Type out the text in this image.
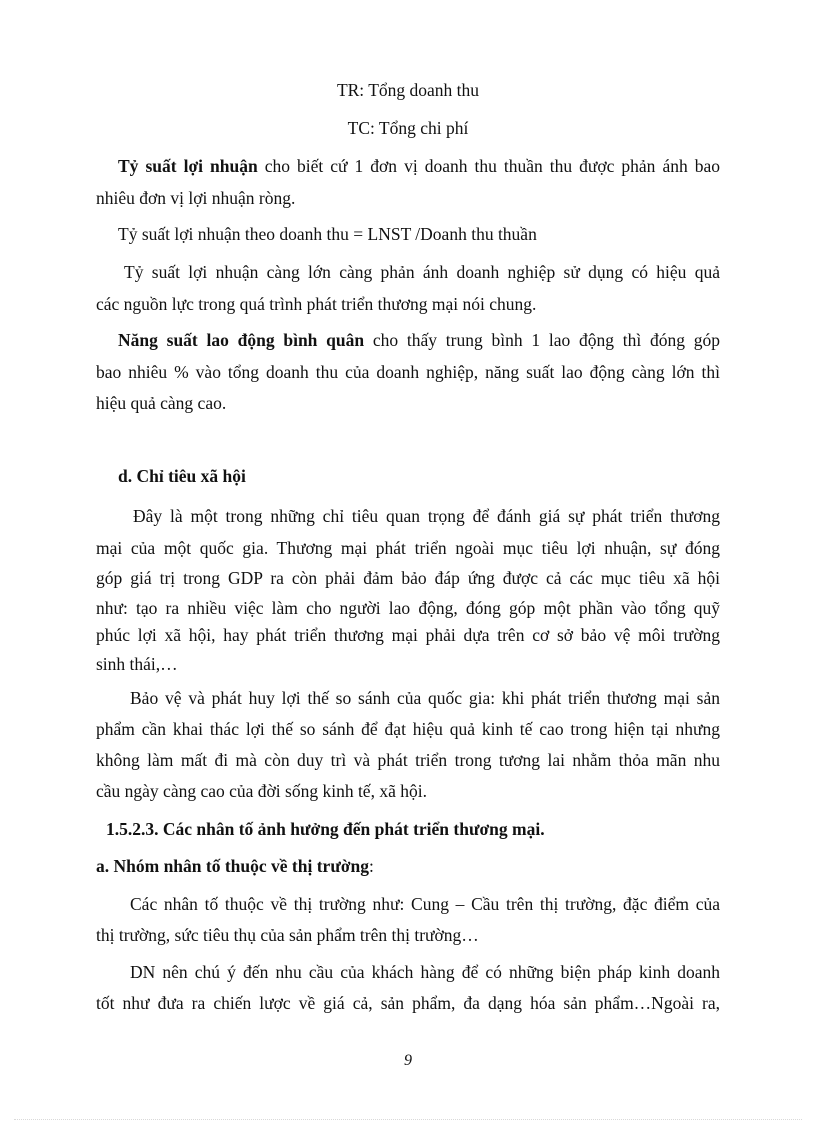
TR: Tổng doanh thu
TC: Tổng chi phí
Tỷ suất lợi nhuận cho biết cứ 1 đơn vị doanh thu thuần thu được phản ánh bao
nhiêu đơn vị lợi nhuận ròng.
Tỷ suất lợi nhuận theo doanh thu = LNST /Doanh thu thuần
Tỷ suất lợi nhuận càng lớn càng phản ánh doanh nghiệp sử dụng có hiệu quả
các nguồn lực trong quá trình phát triển thương mại nói chung.
Năng suất lao động bình quân cho thấy trung bình 1 lao động thì đóng góp
bao nhiêu % vào tổng doanh thu của doanh nghiệp, năng suất lao động càng lớn thì
hiệu quả càng cao.
d. Chỉ tiêu xã hội
Đây là một trong những chỉ tiêu quan trọng để đánh giá sự phát triển thương
mại của một quốc gia. Thương mại phát triển ngoài mục tiêu lợi nhuận, sự đóng
góp giá trị trong GDP ra còn phải đảm bảo đáp ứng được cả các mục tiêu xã hội
như: tạo ra nhiều việc làm cho người lao động, đóng góp một phần vào tổng quỹ
phúc lợi xã hội, hay phát triển thương mại phải dựa trên cơ sở bảo vệ môi trường
sinh thái,…
Bảo vệ và phát huy lợi thế so sánh của quốc gia: khi phát triển thương mại sản
phẩm cần khai thác lợi thế so sánh để đạt hiệu quả kinh tế cao trong hiện tại nhưng
không làm mất đi mà còn duy trì và phát triển trong tương lai nhằm thỏa mãn nhu
cầu ngày càng cao của đời sống kinh tế, xã hội.
1.5.2.3. Các nhân tố ảnh hưởng đến phát triển thương mại.
a. Nhóm nhân tố thuộc về thị trường:
Các nhân tố thuộc về thị trường như: Cung – Cầu trên thị trường, đặc điểm của
thị trường, sức tiêu thụ của sản phẩm trên thị trường…
DN nên chú ý đến nhu cầu của khách hàng để có những biện pháp kinh doanh
tốt như đưa ra chiến lược về giá cả, sản phẩm, đa dạng hóa sản phẩm…Ngoài ra,
9
